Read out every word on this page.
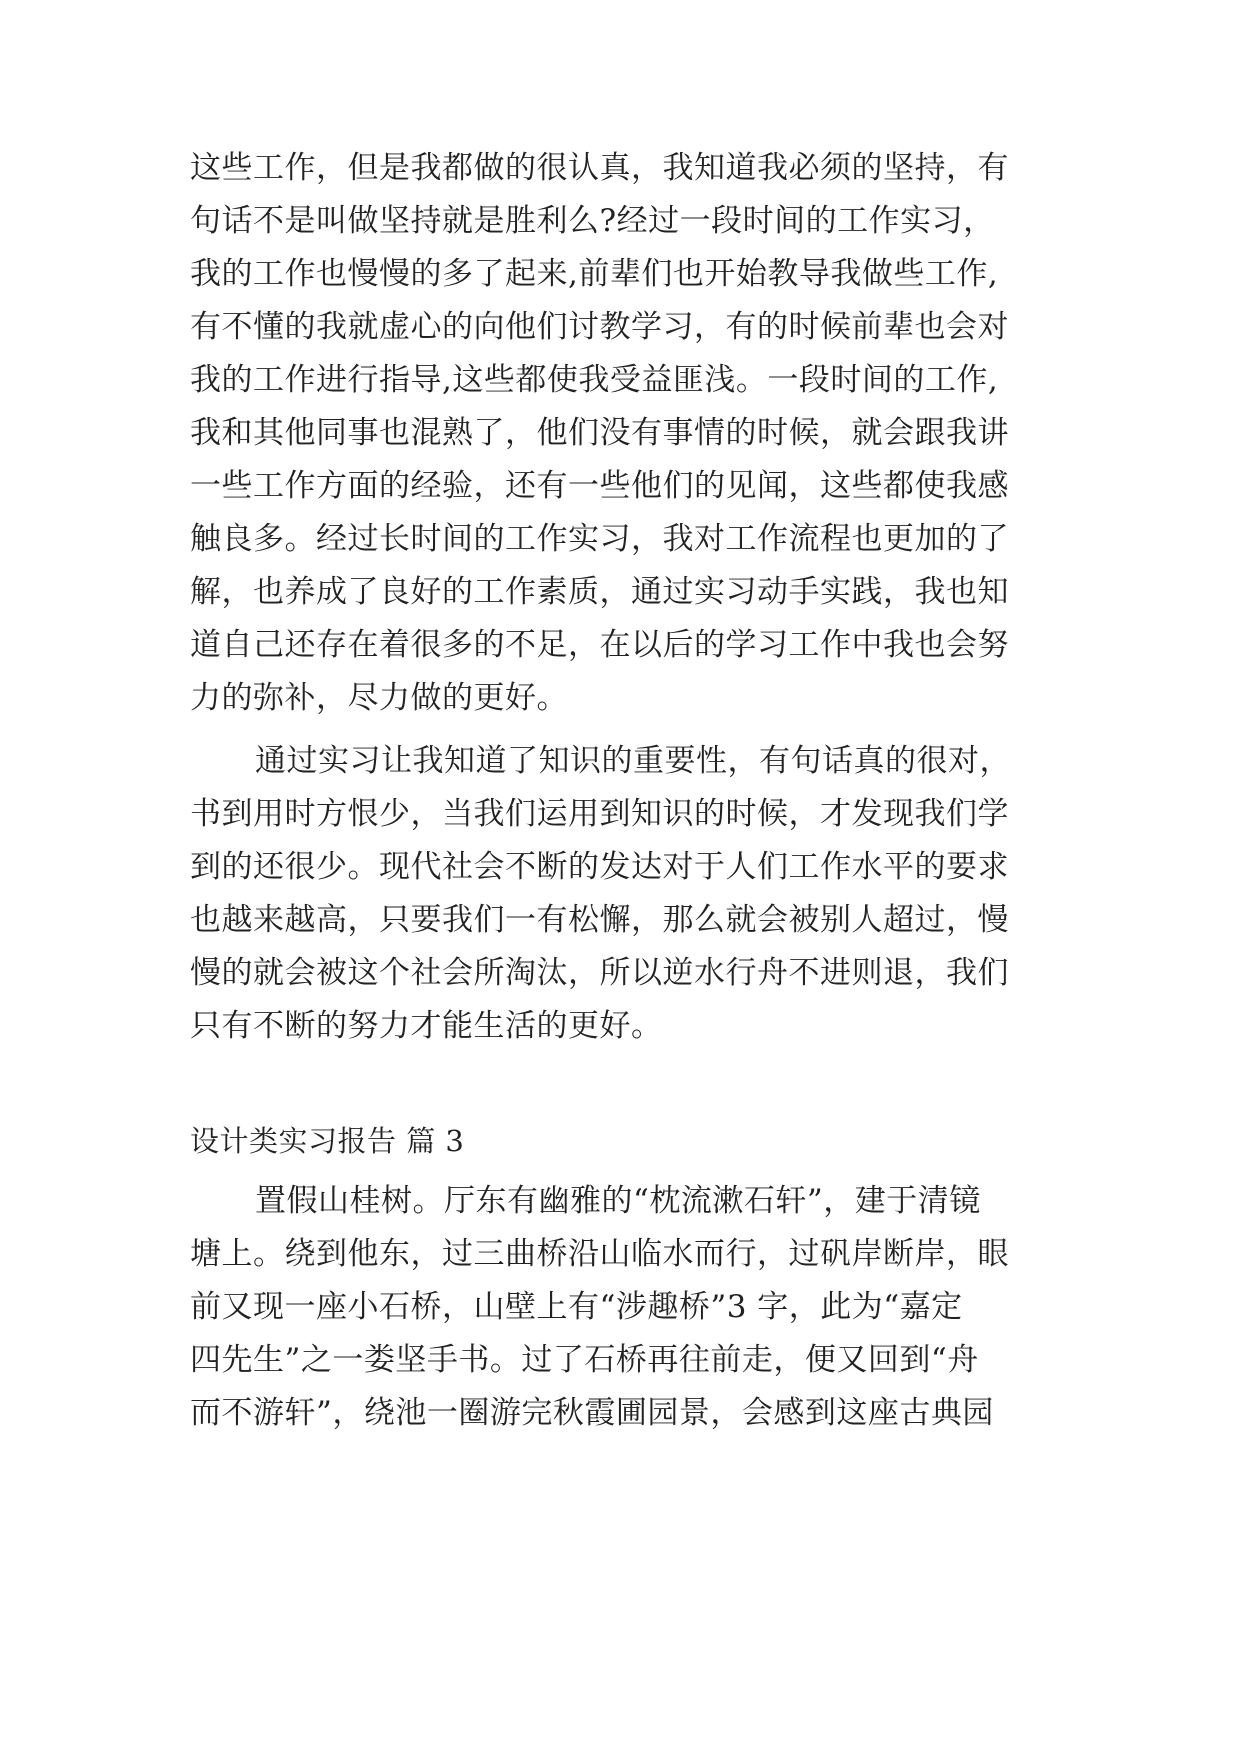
这些工作，但是我都做的很认真，我知道我必须的坚持，有
句话不是叫做坚持就是胜利么?经过一段时间的工作实习，
我的工作也慢慢的多了起来,前辈们也开始教导我做些工作,
有不懂的我就虚心的向他们讨教学习，有的时候前辈也会对
我的工作进行指导,这些都使我受益匪浅。一段时间的工作,
我和其他同事也混熟了，他们没有事情的时候，就会跟我讲
一些工作方面的经验，还有一些他们的见闻，这些都使我感
触良多。经过长时间的工作实习，我对工作流程也更加的了
解，也养成了良好的工作素质，通过实习动手实践，我也知
道自己还存在着很多的不足，在以后的学习工作中我也会努
力的弥补，尽力做的更好。
通过实习让我知道了知识的重要性，有句话真的很对，
书到用时方恨少，当我们运用到知识的时候，才发现我们学
到的还很少。现代社会不断的发达对于人们工作水平的要求
也越来越高，只要我们一有松懈，那么就会被别人超过，慢
慢的就会被这个社会所淘汰，所以逆水行舟不进则退，我们
只有不断的努力才能生活的更好。
设计类实习报告 篇 3
置假山桂树。厅东有幽雅的“枕流漱石轩”，建于清镜
塘上。绕到他东，过三曲桥沿山临水而行，过矾岸断岸，眼
前又现一座小石桥，山壁上有“涉趣桥”3 字，此为“嘉定
四先生”之一娄坚手书。过了石桥再往前走，便又回到“舟
而不游轩”，绕池一圈游完秋霞圃园景，会感到这座古典园
